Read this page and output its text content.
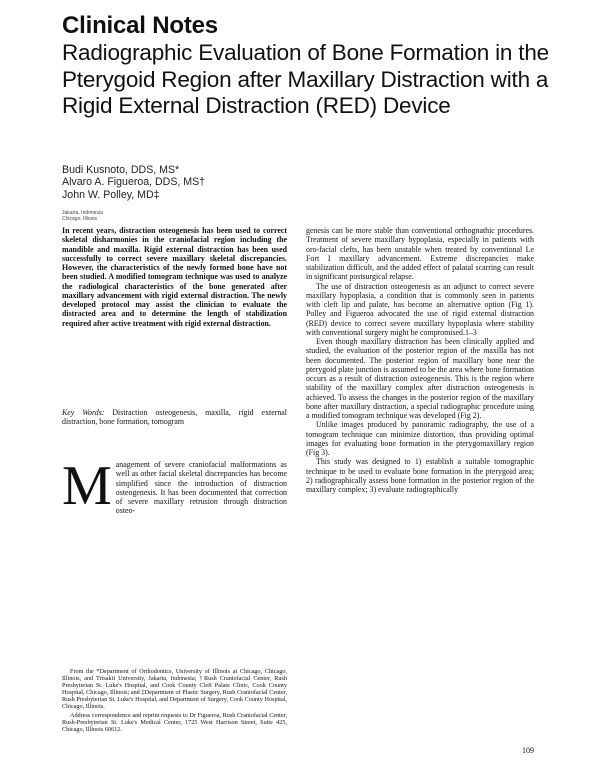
Clinical Notes
Radiographic Evaluation of Bone Formation in the Pterygoid Region after Maxillary Distraction with a Rigid External Distraction (RED) Device
Budi Kusnoto, DDS, MS*
Alvaro A. Figueroa, DDS, MS†
John W. Polley, MD‡
Jakarta, Indonesia
Chicago, Illinois

In recent years, distraction osteogenesis has been used to correct skeletal disharmonies in the craniofacial region including the mandible and maxilla. Rigid external distraction has been used successfully to correct severe maxillary skeletal discrepancies. However, the characteristics of the newly formed bone have not been studied. A modified tomogram technique was used to analyze the radiological characteristics of the bone generated after maxillary advancement with rigid external distraction. The newly developed protocol may assist the clinician to evaluate the distracted area and to determine the length of stabilization required after active treatment with rigid external distraction.

Key Words: Distraction osteogenesis, maxilla, rigid external distraction, bone formation, tomogram

Management of severe craniofacial malformations as well as other facial skeletal discrepancies has become simplified since the introduction of distraction osteogenesis. It has been documented that correction of severe maxillary retrusion through distraction osteo-

From the *Department of Orthodontics, University of Illinois at Chicago, Chicago, Illinois, and Trisakti University, Jakarta, Indonesia; †Rush Craniofacial Center, Rush Presbyterian St. Luke's Hospital, and Cook County Cleft Palate Clinic, Cook County Hospital, Chicago, Illinois; and ‡Department of Plastic Surgery, Rush Craniofacial Center, Rush Presbyterian St. Luke's Hospital, and Department of Surgery, Cook County Hospital, Chicago, Illinois.

Address correspondence and reprint requests to Dr Figueroa, Rush Craniofacial Center, Rush-Presbyterian St. Luke's Medical Center, 1725 West Harrison Street, Suite 425, Chicago, Illinois 60612.

genesis can be more stable than conventional orthognathic procedures. Treatment of severe maxillary hypoplasia, especially in patients with oro-facial clefts, has been unstable when treated by conventional Le Fort I maxillary advancement. Extreme discrepancies make stabilization difficult, and the added effect of palatal scarring can result in significant postsurgical relapse.

The use of distraction osteogenesis as an adjunct to correct severe maxillary hypoplasia, a condition that is commonly seen in patients with cleft lip and palate, has become an alternative option (Fig 1). Polley and Figueroa advocated the use of rigid external distraction (RED) device to correct severe maxillary hypoplasia where stability with conventional surgery might be compromised.1–3

Even though maxillary distraction has been clinically applied and studied, the evaluation of the posterior region of the maxilla has not been documented. The posterior region of maxillary bone near the pterygoid plate junction is assumed to be the area where bone formation occurs as a result of distraction osteogenesis. This is the region where stability of the maxillary complex after distraction osteogenesis is achieved. To assess the changes in the posterior region of the maxillary bone after maxillary distraction, a special radiographic procedure using a modified tomogram technique was developed (Fig 2).

Unlike images produced by panoramic radiography, the use of a tomogram technique can minimize distortion, thus providing optimal images for evaluating bone formation in the pterygomaxillary region (Fig 3).

This study was designed to 1) establish a suitable tomographic technique to be used to evaluate bone formation in the pterygoid area; 2) radiographically assess bone formation in the posterior region of the maxillary complex; 3) evaluate radiographically

109
